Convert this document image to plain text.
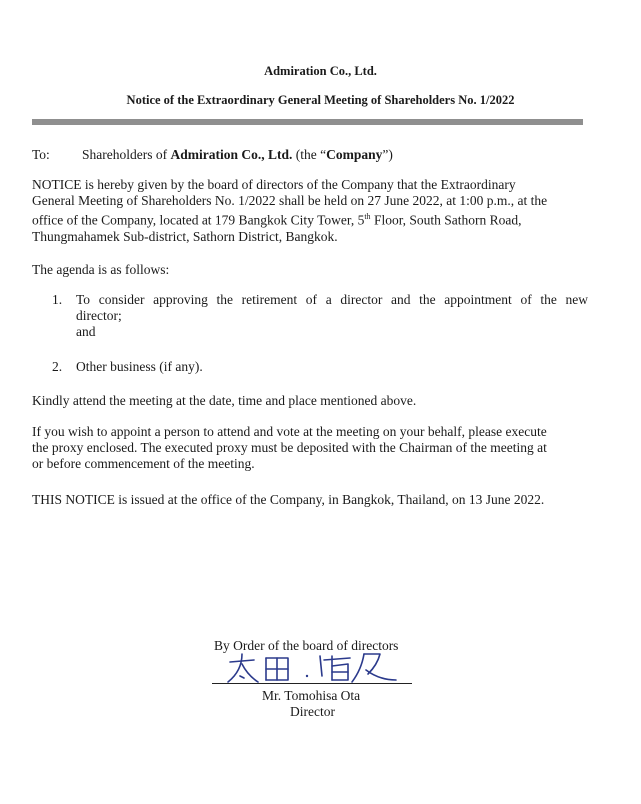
Admiration Co., Ltd.
Notice of the Extraordinary General Meeting of Shareholders No. 1/2022
To: Shareholders of Admiration Co., Ltd. (the “Company”)
NOTICE is hereby given by the board of directors of the Company that the Extraordinary
General Meeting of Shareholders No. 1/2022 shall be held on 27 June 2022, at 1:00 p.m., at the
office of the Company, located at 179 Bangkok City Tower, 5th Floor, South Sathorn Road,
Thungmahamek Sub-district, Sathorn District, Bangkok.
The agenda is as follows:
1. To consider approving the retirement of a director and the appointment of the new
director;
and
2. Other business (if any).
Kindly attend the meeting at the date, time and place mentioned above.
If you wish to appoint a person to attend and vote at the meeting on your behalf, please execute
the proxy enclosed. The executed proxy must be deposited with the Chairman of the meeting at
or before commencement of the meeting.
THIS NOTICE is issued at the office of the Company, in Bangkok, Thailand, on 13 June 2022.
By Order of the board of directors
Mr. Tomohisa Ota
Director
